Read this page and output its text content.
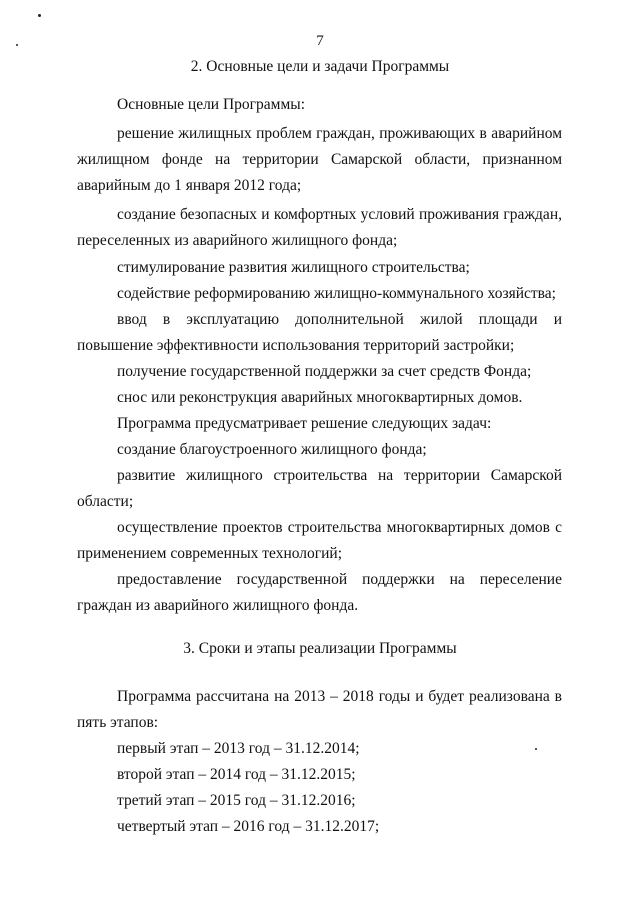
7
2. Основные цели и задачи Программы
Основные цели Программы:
решение жилищных проблем граждан, проживающих в аварийном жилищном фонде на территории Самарской области, признанном аварийным до 1 января 2012 года;
создание безопасных и комфортных условий проживания граждан, переселенных из аварийного жилищного фонда;
стимулирование развития жилищного строительства;
содействие реформированию жилищно-коммунального хозяйства;
ввод в эксплуатацию дополнительной жилой площади и повышение эффективности использования территорий застройки;
получение государственной поддержки за счет средств Фонда;
снос или реконструкция аварийных многоквартирных домов.
Программа предусматривает решение следующих задач:
создание благоустроенного жилищного фонда;
развитие жилищного строительства на территории Самарской области;
осуществление проектов строительства многоквартирных домов с применением современных технологий;
предоставление государственной поддержки на переселение граждан из аварийного жилищного фонда.
3. Сроки и этапы реализации Программы
Программа рассчитана на 2013 – 2018 годы и будет реализована в пять этапов:
первый этап – 2013 год – 31.12.2014;
второй этап – 2014 год – 31.12.2015;
третий этап – 2015 год – 31.12.2016;
четвертый этап – 2016 год – 31.12.2017;
